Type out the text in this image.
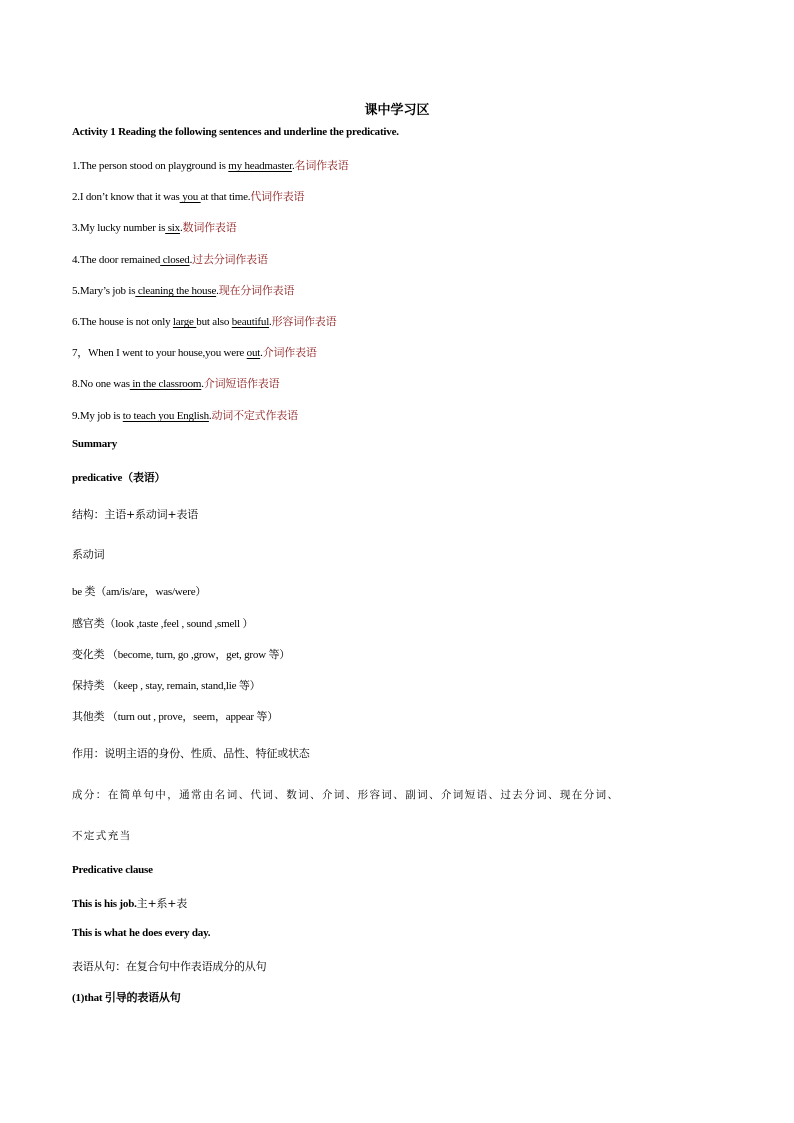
课中学习区
Activity 1 Reading the following sentences and underline the predicative.
1.The person stood on playground is my headmaster.名词作表语
2.I don’t know that it was you at that time.代词作表语
3.My lucky number is six.数词作表语
4.The door remained closed.过去分词作表语
5.Mary’s job is cleaning the house.现在分词作表语
6.The house is not only large but also beautiful.形容词作表语
7，When I went to your house,you were out.介词作表语
8.No one was in the classroom.介词短语作表语
9.My job is to teach you English.动词不定式作表语
Summary
predicative（表语）
结构：主语+系动词+表语
系动词
be 类（am/is/are，was/were）
感官类（look ,taste ,feel , sound ,smell ）
变化类 （become, turn, go ,grow，get, grow 等）
保持类 （keep , stay, remain, stand,lie 等）
其他类 （turn out , prove，seem，appear 等）
作用：说明主语的身份、性质、品性、特征或状态
成分：在简单句中，通常由名词、代词、数词、介词、形容词、副词、介词短语、过去分词、现在分词、
不定式充当
Predicative clause
This is his job.主+系+表
This is what he does every day.
表语从句：在复合句中作表语成分的从句
(1)that 引导的表语从句
